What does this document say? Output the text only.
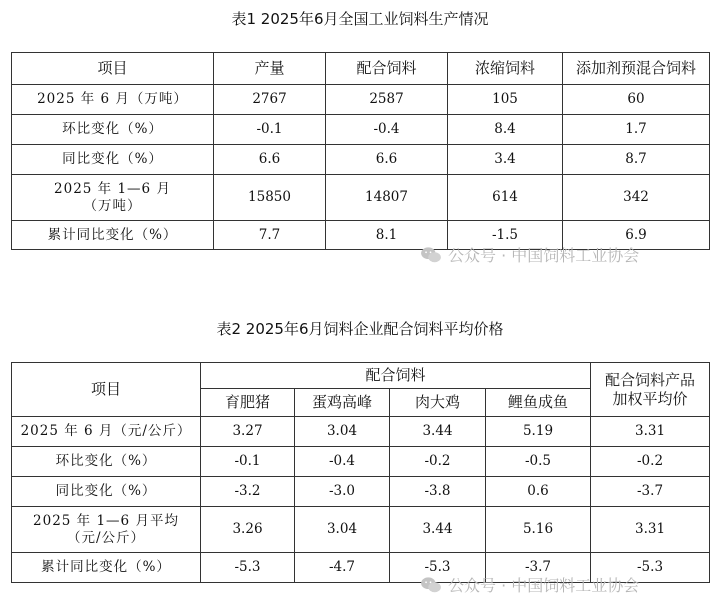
表1 2025年6月全国工业饲料生产情况
项目	产量	配合饲料	浓缩饲料	添加剂预混合饲料
2025 年 6 月（万吨）	2767	2587	105	60
环比变化（%）	-0.1	-0.4	8.4	1.7
同比变化（%）	6.6	6.6	3.4	8.7

2025 年 1—6 月
（万吨）	15850	14807	614	342
累计同比变化（%）	7.7	8.1	-1.5	6.9
公众号 · 中国饲料工业协会
表2 2025年6月饲料企业配合饲料平均价格
项目	配合饲料				配合饲料产品
加权平均价

	育肥猪	蛋鸡高峰	肉大鸡	鲤鱼成鱼	
2025 年 6 月（元/公斤）	3.27	3.04	3.44	5.19	3.31
环比变化（%）	-0.1	-0.4	-0.2	-0.5	-0.2
同比变化（%）	-3.2	-3.0	-3.8	0.6	-3.7

2025 年 1—6 月平均
（元/公斤）	3.26	3.04	3.44	5.16	3.31
累计同比变化（%）	-5.3	-4.7	-5.3	-3.7	-5.3
公众号 · 中国饲料工业协会
